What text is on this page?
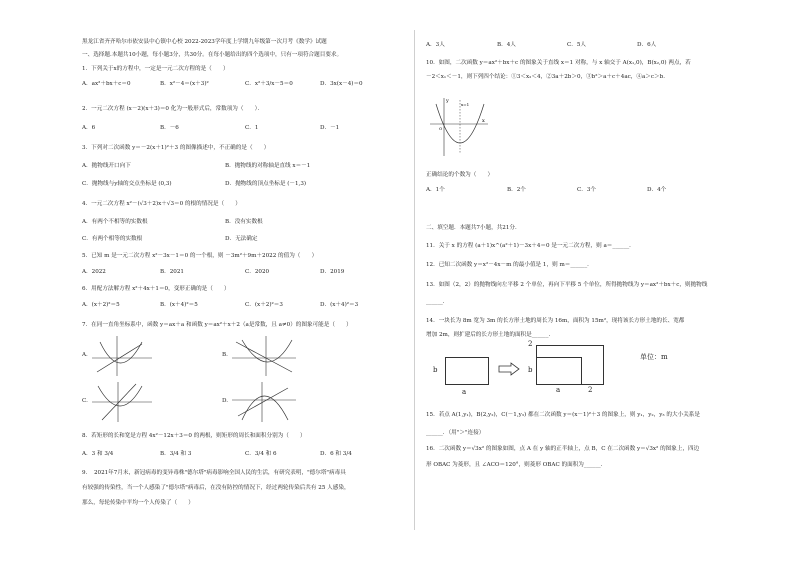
黑龙江省齐齐哈尔市依安县中心镇中心校 2022-2023学年度上学期九年级第一次月考《数学》试题
一、选择题.本题共10小题，每小题3分，共30分。在每小题给出的四个选项中，只有一项符合题目要求。
1．下列关于x的方程中，一定是一元二次方程的是（　　）
A．ax²＋bx＋c＝0	B．x²－4＝(x＋3)²	C．x²＋3/x－5＝0	D．3x(x－4)＝0
2．一元二次方程 (x－2)(x＋3)＝0 化为一般形式后，常数项为（　　）．
A．6	B．－6	C．1	D．－1
3．下列对二次函数 y＝－2(x＋1)²＋3 的图像描述中，不正确的是（　　）
A．抛物线开口向下	B．抛物线的对称轴是直线 x＝－1
C．抛物线与y轴的交点坐标是 (0,3)	D．抛物线的顶点坐标是 (－1,3)
4．一元二次方程 x²－(√3＋2)x＋√3＝0 的根的情况是（　　）
A．有两个不相等的实数根	B．没有实数根
C．有两个相等的实数根	D．无法确定
5．已知 m 是一元二次方程 x²－3x－1＝0 的一个根，则 －3m²＋9m＋2022 的值为（　　）
A．2022	B．2021	C．2020	D．2019
6．用配方法解方程 x²＋4x＋1＝0，变形正确的是（　　）
A．(x＋2)²＝5	B．(x＋4)²＝5	C．(x＋2)²＝3	D．(x＋4)²＝3
7．在同一直角坐标系中，函数 y＝ax＋a 和函数 y＝ax²＋x＋2（a是常数，且 a≠0）的图象可能是（　　）
A.	B.
C.	D.
8．若矩形的长和宽是方程 4x²－12x＋3＝0 的两根，则矩形的周长和面积分别为（　　）
A．3 和 3/4	B．3/4 和 3	C．3/4 和 6	D．6 和 3/4
9．　2021年7月末，新冠病毒的变异毒株"德尔塔"病毒影响全国人民的生活，有研究表明，"德尔塔"病毒具
有较强的传染性，当一个人感染了"德尔塔"病毒后，在没有防控的情况下，经过两轮传染后共有 25 人感染，
那么，每轮传染中平均一个人传染了（　　）
A．3人	B．4人	C．5人	D．6人
10．如图，二次函数 y＝ax²＋bx＋c 的图象关于直线 x＝1 对称，与 x 轴交于 A(x₁,0)，B(x₂,0) 两点，若
－2＜x₁＜－1，则下列四个结论：①3＜x₂＜4，②3a＋2b＞0，③b²＞a＋c＋4ac，④a＞c＞b．
x
y
x=1
O
正确结论的个数为（　　）
A．1个	B．2个	C．3个	D．4个
二、填空题．本题共7小题，共21分．
11．关于 x 的方程 (a＋1)x^(a²＋1)－3x＋4＝0 是一元二次方程，则 a＝______．
12．已知二次函数 y＝x²－4x－m 的最小值是 1，则 m＝______．
13．如图（2，2）的抛物线向左平移 2 个单位，再向下平移 5 个单位，所得抛物线为 y＝ax²＋bx＋c，则抛物线
______．
14．一块长为 8m 宽为 3m 的长方形土地的周长为 16m，面积为 15m²，现将该长方形土地的长、宽都
增加 2m，则扩建后的长方形土地的面积是______．
b
a
2
b
a	2
单位：m
15．若点 A(1,y₁)，B(2,y₂)，C(－1,y₃) 都在二次函数 y＝(x－1)²＋3 的图象上，则 y₁，y₂，y₃ 的大小关系是
______．（用"＞"连接）
16．二次函数 y＝√3x² 的图象如图，点 A 在 y 轴的正半轴上，点 B，C 在二次函数 y＝√3x² 的图象上，四边
形 OBAC 为菱形，且 ∠ACO＝120°，则菱形 OBAC 的面积为______．
